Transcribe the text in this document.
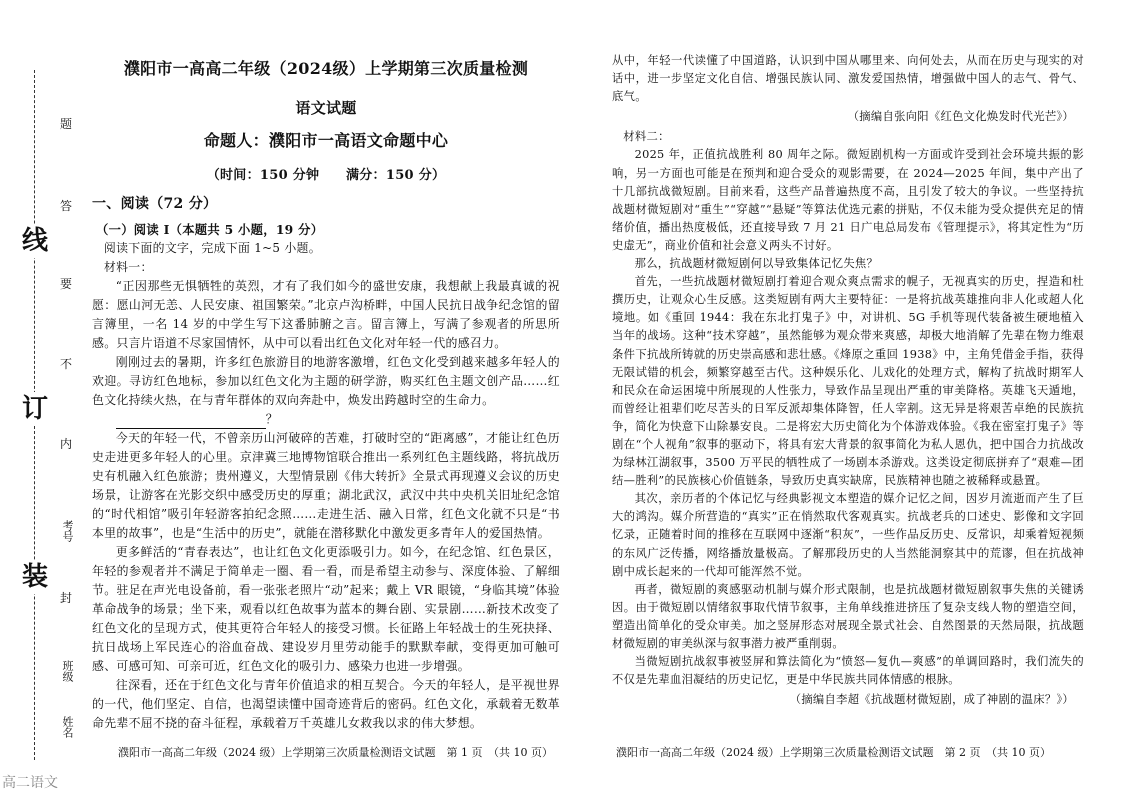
题
答
要
不
内
封
线
订
装
考号
班级
姓名
濮阳市一高高二年级（2024级）上学期第三次质量检测
语文试题
命题人：濮阳市一高语文命题中心
（时间：150 分钟　　满分：150 分）
一、阅读（72 分）
（一）阅读 I（本题共 5 小题，19 分）

阅读下面的文字，完成下面 1~5 小题。

材料一：

“正因那些无惧牺牲的英烈，才有了我们如今的盛世安康，我想献上我最真诚的祝愿：愿山河无恙、人民安康、祖国繁荣。”北京卢沟桥畔，中国人民抗日战争纪念馆的留言簿里，一名 14 岁的中学生写下这番肺腑之言。留言簿上，写满了参观者的所思所感。只言片语道不尽家国情怀，从中可以看出红色文化对年轻一代的感召力。

刚刚过去的暑期，许多红色旅游目的地游客激增，红色文化受到越来越多年轻人的欢迎。寻访红色地标，参加以红色文化为主题的研学游，购买红色主题文创产品……红色文化持续火热，在与青年群体的双向奔赴中，焕发出跨越时空的生命力。

？

今天的年轻一代，不曾亲历山河破碎的苦难，打破时空的“距离感”，才能让红色历史走进更多年轻人的心里。京津冀三地博物馆联合推出一系列红色主题线路，将抗战历史有机融入红色旅游；贵州遵义，大型情景剧《伟大转折》全景式再现遵义会议的历史场景，让游客在光影交织中感受历史的厚重；湖北武汉，武汉中共中央机关旧址纪念馆的“时代相馆”吸引年轻游客拍纪念照……走进生活、融入日常，红色文化就不只是“书本里的故事”，也是“生活中的历史”，就能在潜移默化中激发更多青年人的爱国热情。

更多鲜活的“青春表达”，也让红色文化更添吸引力。如今，在纪念馆、红色景区，年轻的参观者并不满足于简单走一圈、看一看，而是希望主动参与、深度体验、了解细节。驻足在声光电设备前，看一张张老照片“动”起来；戴上 VR 眼镜，“身临其境”体验革命战争的场景；坐下来，观看以红色故事为蓝本的舞台剧、实景剧……新技术改变了红色文化的呈现方式，使其更符合年轻人的接受习惯。长征路上年轻战士的生死抉择、抗日战场上军民连心的浴血奋战、建设岁月里劳动能手的默默奉献，变得更加可触可感、可感可知、可亲可近，红色文化的吸引力、感染力也进一步增强。

往深看，还在于红色文化与青年价值追求的相互契合。今天的年轻人，是平视世界的一代，他们坚定、自信，也渴望读懂中国奇迹背后的密码。红色文化，承载着无数革命先辈不屈不挠的奋斗征程，承载着万千英雄儿女救我以求的伟大梦想。

从中，年轻一代读懂了中国道路，认识到中国从哪里来、向何处去，从而在历史与现实的对话中，进一步坚定文化自信、增强民族认同、激发爱国热情，增强做中国人的志气、骨气、底气。

（摘编自张向阳《红色文化焕发时代光芒》）

材料二：

2025 年，正值抗战胜利 80 周年之际。微短剧机构一方面或许受到社会环境共振的影响，另一方面也可能是在预判和迎合受众的观影需要，在 2024—2025 年间，集中产出了十几部抗战微短剧。目前来看，这些产品普遍热度不高，且引发了较大的争议。一些坚持抗战题材微短剧对“重生”“穿越”“悬疑”等算法优选元素的拼贴，不仅未能为受众提供充足的情绪价值，播出热度极低，还直接导致 7 月 21 日广电总局发布《管理提示》，将其定性为“历史虚无”，商业价值和社会意义两头不讨好。

那么，抗战题材微短剧何以导致集体记忆失焦？

首先，一些抗战题材微短剧打着迎合观众爽点需求的幌子，无视真实的历史，捏造和杜撰历史，让观众心生反感。这类短剧有两大主要特征：一是将抗战英雄推向非人化或超人化境地。如《重回 1944：我在东北打鬼子》中，对讲机、5G 手机等现代装备被生硬地植入当年的战场。这种“技术穿越”，虽然能够为观众带来爽感，却极大地消解了先辈在物力维艰条件下抗战所铸就的历史崇高感和悲壮感。《烽原之重回 1938》中，主角凭借金手指，获得无限试错的机会，频繁穿越至古代。这种娱乐化、儿戏化的处理方式，解构了抗战时期军人和民众在命运困境中所展现的人性张力，导致作品呈现出严重的审美降格。英雄飞天遁地，而曾经让祖辈们吃尽苦头的日军反派却集体降智，任人宰割。这无异是将艰苦卓绝的民族抗争，简化为快意下山除暴安良。二是将宏大历史简化为个体游戏体验。《我在密室打鬼子》等剧在“个人视角”叙事的驱动下，将具有宏大背景的叙事简化为私人恩仇，把中国合力抗战改为绿林江湖叙事，3500 万平民的牺牲成了一场剧本杀游戏。这类设定彻底拼弃了“艰难—团结—胜利”的民族核心价值链条，导致历史真实缺席，民族精神也随之被稀释或悬置。

其次，亲历者的个体记忆与经典影视文本塑造的媒介记忆之间，因岁月流逝而产生了巨大的鸿沟。媒介所营造的“真实”正在悄然取代客观真实。抗战老兵的口述史、影像和文字回忆录，正随着时间的推移在互联网中逐渐“积灰”，一些作品反历史、反常识，却乘着短视频的东风广泛传播，网络播放量极高。了解那段历史的人当然能洞察其中的荒谬，但在抗战神剧中成长起来的一代却可能浑然不觉。

再者，微短剧的爽感驱动机制与媒介形式限制，也是抗战题材微短剧叙事失焦的关键诱因。由于微短剧以情绪叙事取代情节叙事，主角单线推进挤压了复杂支线人物的塑造空间，塑造出简单化的受众审美。加之竖屏形态对展现全景式社会、自然图景的天然局限，抗战题材微短剧的审美纵深与叙事潜力被严重削弱。

当微短剧抗战叙事被竖屏和算法简化为“愤怒—复仇—爽感”的单调回路时，我们流失的不仅是先辈血泪凝结的历史记忆，更是中华民族共同体情感的根脉。

（摘编自李超《抗战题材微短剧，成了神剧的温床？》）

濮阳市一高高二年级（2024 级）上学期第三次质量检测语文试题　第 1 页　（共 10 页）	濮阳市一高高二年级（2024 级）上学期第三次质量检测语文试题　第 2 页　（共 10 页）
高二语文
